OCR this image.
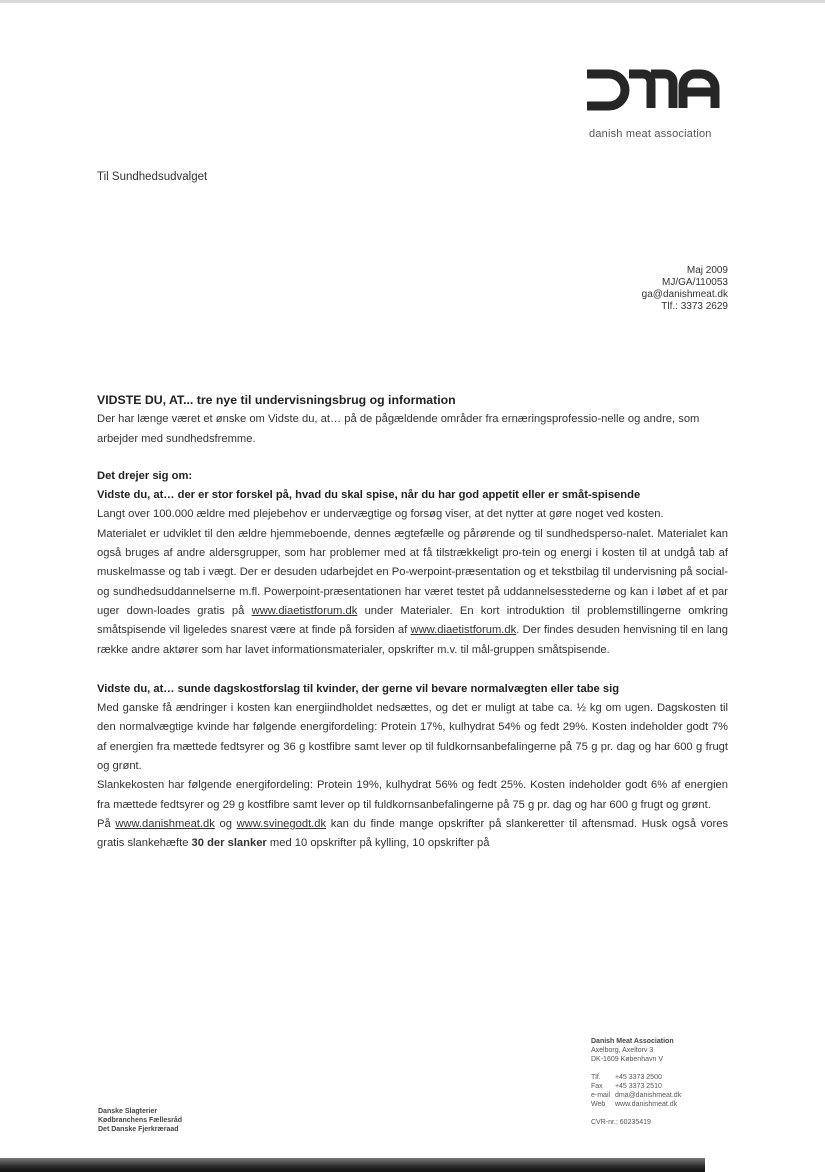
danish meat association
Til Sundhedsudvalget
Maj 2009
MJ/GA/110053
ga@danishmeat.dk
Tlf.: 3373 2629

VIDSTE DU, AT... tre nye til undervisningsbrug og information

Der har længe været et ønske om Vidste du, at… på de pågældende områder fra ernæringsprofessio-nelle og andre, som arbejder med sundhedsfremme.

Det drejer sig om:

Vidste du, at… der er stor forskel på, hvad du skal spise, når du har god appetit eller er småt-spisende

Langt over 100.000 ældre med plejebehov er undervægtige og forsøg viser, at det nytter at gøre noget ved kosten.

Materialet er udviklet til den ældre hjemmeboende, dennes ægtefælle og pårørende og til sundhedsperso-nalet. Materialet kan også bruges af andre aldersgrupper, som har problemer med at få tilstrækkeligt pro-tein og energi i kosten til at undgå tab af muskelmasse og tab i vægt. Der er desuden udarbejdet en Po-werpoint-præsentation og et tekstbilag til undervisning på social- og sundhedsuddannelserne m.fl. Powerpoint-præsentationen har været testet på uddannelsesstederne og kan i løbet af et par uger down-loades gratis på www.diaetistforum.dk under Materialer. En kort introduktion til problemstillingerne omkring småtspisende vil ligeledes snarest være at finde på forsiden af www.diaetistforum.dk. Der findes desuden henvisning til en lang række andre aktører som har lavet informationsmaterialer, opskrifter m.v. til mål-gruppen småtspisende.

Vidste du, at… sunde dagskostforslag til kvinder, der gerne vil bevare normalvægten eller tabe sig

Med ganske få ændringer i kosten kan energiindholdet nedsættes, og det er muligt at tabe ca. ½ kg om ugen. Dagskosten til den normalvægtige kvinde har følgende energifordeling: Protein 17%, kulhydrat 54% og fedt 29%. Kosten indeholder godt 7% af energien fra mættede fedtsyrer og 36 g kostfibre samt lever op til fuldkornsanbefalingerne på 75 g pr. dag og har 600 g frugt og grønt.

Slankekosten har følgende energifordeling: Protein 19%, kulhydrat 56% og fedt 25%. Kosten indeholder godt 6% af energien fra mættede fedtsyrer og 29 g kostfibre samt lever op til fuldkornsanbefalingerne på 75 g pr. dag og har 600 g frugt og grønt.

På www.danishmeat.dk og www.svinegodt.dk kan du finde mange opskrifter på slankeretter til aftensmad. Husk også vores gratis slankehæfte 30 der slanker med 10 opskrifter på kylling, 10 opskrifter på

Danish Meat Association
Axelborg, Axeltorv 3
DK-1609 København V
Tlf. +45 3373 2500
Fax +45 3373 2510
e-mail dma@danishmeat.dk
Web www.danishmeat.dk
CVR-nr.: 60235419
Danske Slagterier
Kødbranchens Fællesråd
Det Danske Fjerkræraad
